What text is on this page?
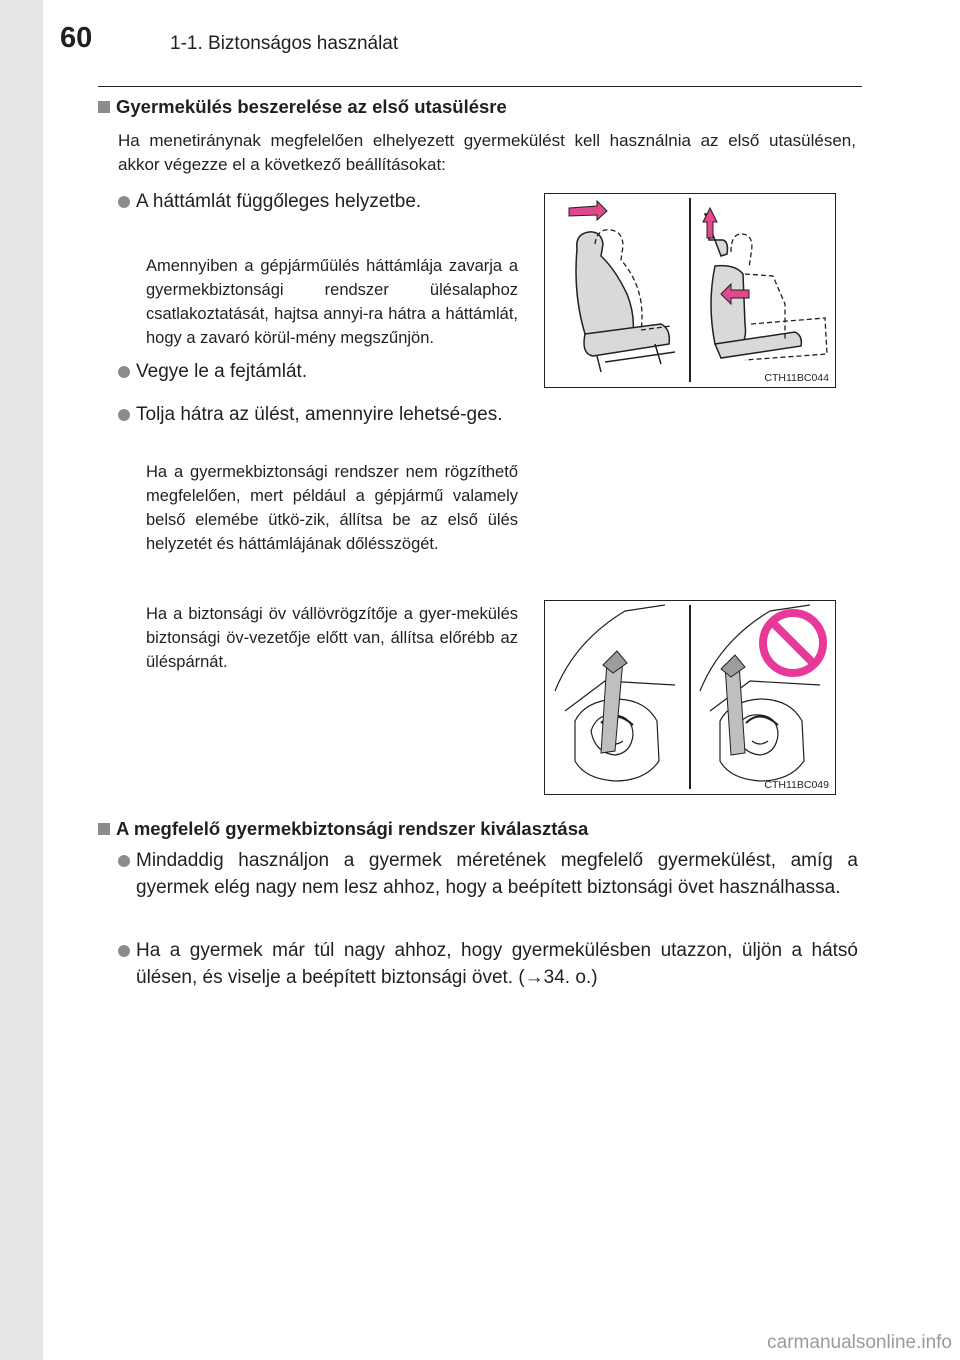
60	1-1. Biztonságos használat
Gyermekülés beszerelése az első utasülésre
Ha menetiránynak megfelelően elhelyezett gyermekülést kell használnia az első utasülésen, akkor végezze el a következő beállításokat:
A háttámlát függőleges helyzetbe.
Amennyiben a gépjárműülés háttámlája zavarja a gyermekbiztonsági rendszer ülésalaphoz csatlakoztatását, hajtsa annyi-ra hátra a háttámlát, hogy a zavaró körül-mény megszűnjön.
Vegye le a fejtámlát.
Tolja hátra az ülést, amennyire lehetsé-ges.
Ha a gyermekbiztonsági rendszer nem rögzíthető megfelelően, mert például a gépjármű valamely belső elemébe ütkö-zik, állítsa be az első ülés helyzetét és háttámlájának dőlésszögét.
Ha a biztonsági öv vállövrögzítője a gyer-mekülés biztonsági öv-vezetője előtt van, állítsa előrébb az üléspárnát.
CTH11BC044
CTH11BC049
A megfelelő gyermekbiztonsági rendszer kiválasztása
Mindaddig használjon a gyermek méretének megfelelő gyermekülést, amíg a gyermek elég nagy nem lesz ahhoz, hogy a beépített biztonsági övet használhassa.
Ha a gyermek már túl nagy ahhoz, hogy gyermekülésben utazzon, üljön a hátsó ülésen, és viselje a beépített biztonsági övet. (→34. o.)
carmanualsonline.info
